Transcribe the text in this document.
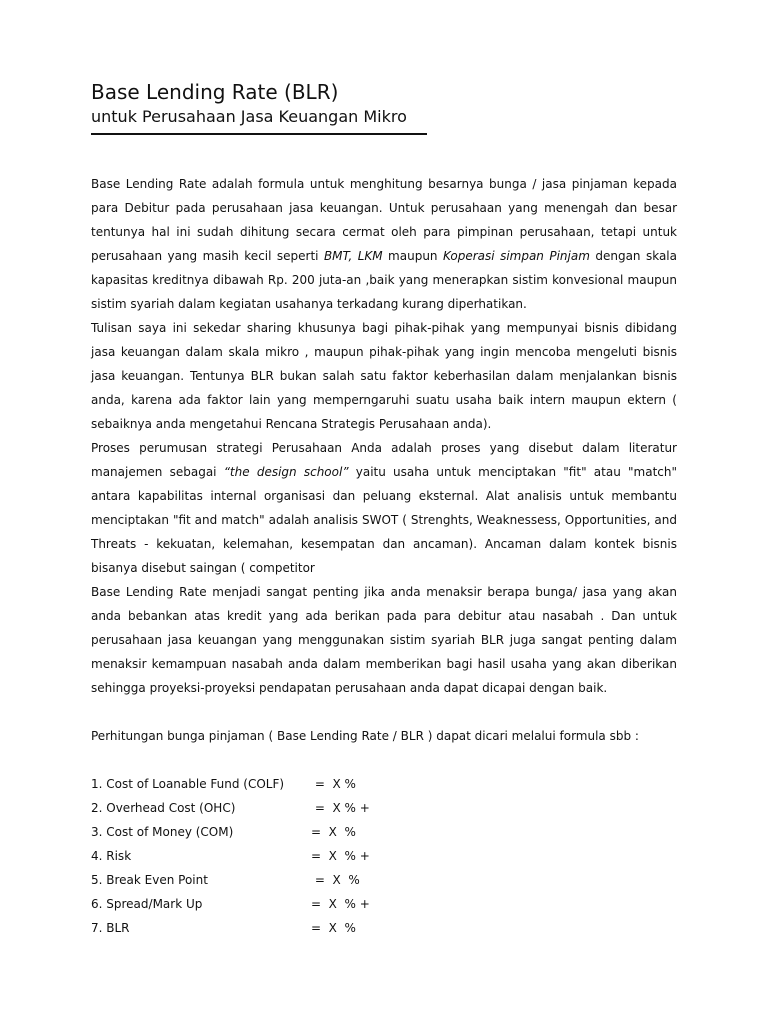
Base Lending Rate (BLR)
untuk Perusahaan Jasa Keuangan Mikro

Base Lending Rate adalah formula untuk menghitung besarnya bunga / jasa pinjaman kepada para Debitur pada perusahaan jasa keuangan. Untuk perusahaan yang menengah dan besar tentunya hal ini sudah dihitung secara cermat oleh para pimpinan perusahaan, tetapi untuk perusahaan yang masih kecil seperti BMT, LKM maupun Koperasi simpan Pinjam dengan skala kapasitas kreditnya dibawah Rp. 200 juta-an ,baik yang menerapkan sistim konvesional maupun sistim syariah dalam kegiatan usahanya terkadang kurang diperhatikan.

Tulisan saya ini sekedar sharing khusunya bagi pihak-pihak yang mempunyai bisnis dibidang jasa keuangan dalam skala mikro , maupun pihak-pihak yang ingin mencoba mengeluti bisnis jasa keuangan. Tentunya BLR bukan salah satu faktor keberhasilan dalam menjalankan bisnis anda, karena ada faktor lain yang memperngaruhi suatu usaha baik intern maupun ektern ( sebaiknya anda mengetahui Rencana Strategis Perusahaan anda).

Proses perumusan strategi Perusahaan Anda adalah proses yang disebut dalam literatur manajemen sebagai “the design school” yaitu usaha untuk menciptakan "fit" atau "match" antara kapabilitas internal organisasi dan peluang eksternal. Alat analisis untuk membantu menciptakan "fit and match" adalah analisis SWOT ( Strenghts, Weaknessess, Opportunities, and Threats - kekuatan, kelemahan, kesempatan dan ancaman). Ancaman dalam kontek bisnis bisanya disebut saingan ( competitor

Base Lending Rate menjadi sangat penting jika anda menaksir berapa bunga/ jasa yang akan anda bebankan atas kredit yang ada berikan pada para debitur atau nasabah . Dan untuk perusahaan jasa keuangan yang menggunakan sistim syariah BLR juga sangat penting dalam menaksir kemampuan nasabah anda dalam memberikan bagi hasil usaha yang akan diberikan sehingga proyeksi-proyeksi pendapatan perusahaan anda dapat dicapai dengan baik.

Perhitungan bunga pinjaman ( Base Lending Rate / BLR ) dapat dicari melalui formula sbb :

1. Cost of Loanable Fund (COLF)	=  X %
2. Overhead Cost (OHC)	=  X % +
3. Cost of Money (COM)	=  X  %
4. Risk	=  X  % +
5. Break Even Point	=  X  %
6. Spread/Mark Up	=  X  % +
7. BLR	=  X  %
